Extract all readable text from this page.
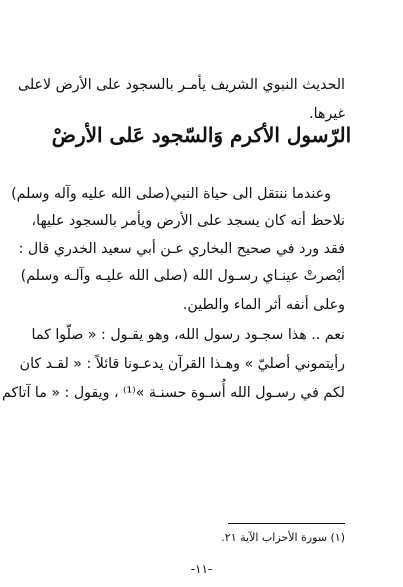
الحديث النبوي الشريف يأمـر بالسجود على الأرض لاعلى
غيرها.
الرّسول الأكرم وَالسّجود عَلى الأرضْ
وعندما ننتقل الى حياة النبي(صلى الله عليه وآله وسلم)
نلاحظ أنه كان يسجد على الأرض ويأمر بالسجود عليها،
فقد ورد في صحيح البخاري عـن أبي سعيد الخدري قال :
أبْصرتْ عينـاي رسـول الله (صلى الله عليـه وآلـه وسلم)
وعلى أنفه أثر الماء والطين.
نعم .. هذا سجـود رسول الله، وهو يقـول : « صلّوا كما
رأيتموني أصليّ » وهـذا القرآن يدعـونا قائلاً : « لقـد كان
لكم في رسـول الله أُسـوة حسنـة »⁽¹⁾ ، ويقول : « ما آتاكم
(١) سورة الأحزاب الآية ٢١.
-١١-
